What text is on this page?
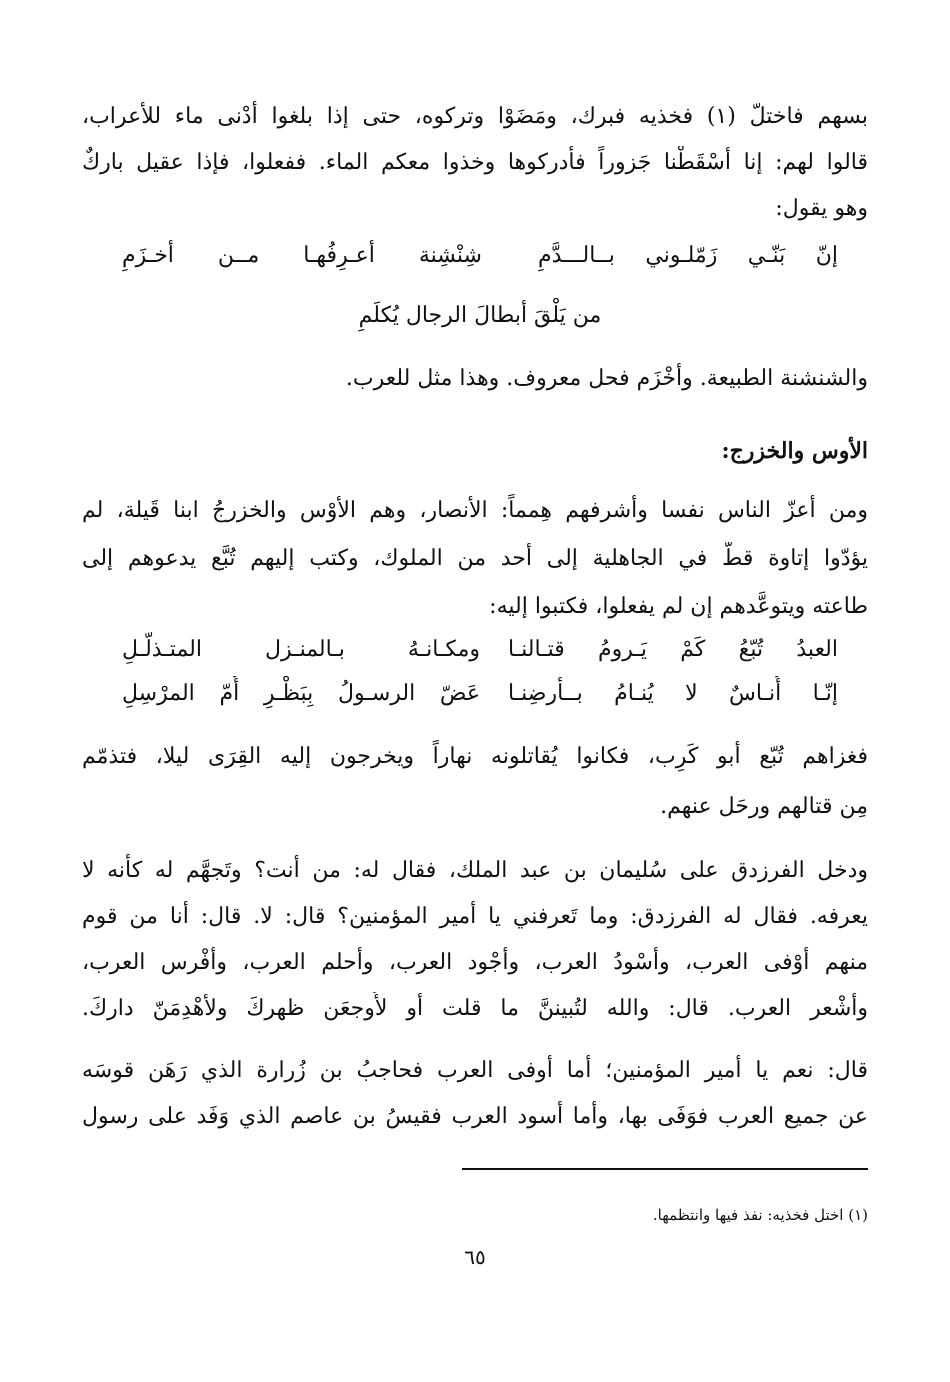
بسهم فاختلّ (١) فخذيه فبرك، ومَضَوْا وتركوه، حتى إذا بلغوا أدْنى ماء للأعراب،
قالوا لهم: إنا أسْقَطْنا جَزوراً فأدركوها وخذوا معكم الماء. ففعلوا، فإذا عقيل باركٌ
وهو يقول:
إنّ بَنّـي زَمّلـوني بــالـــدَّمِ
شِنْشِنة أعـرِفُهـا مــن أخـزَمِ
من يَلْقَ أبطالَ الرجال يُكلَمِ
والشنشنة الطبيعة. وأخْزَم فحل معروف. وهذا مثل للعرب.
الأوس والخزرج:
ومن أعزّ الناس نفسا وأشرفهم هِمماً: الأنصار، وهم الأوْس والخزرجُ ابنا قَيلة، لم
يؤدّوا إتاوة قطّ في الجاهلية إلى أحد من الملوك، وكتب إليهم تُبَّع يدعوهم إلى
طاعته ويتوعَّدهم إن لم يفعلوا، فكتبوا إليه:
العبدُ تُبّعُ كَمْ يَـرومُ قتـالنـا
ومكـانـهُ بـالمنـزل المتـذلّـلِ
إنّـا أُنـاسٌ لا يُنـامُ بــأرضِنـا
عَضّ الرسـولُ بِبَظْـرِ أُمّ المرْسِلِ
فغزاهم تُبّع أبو كَرِب، فكانوا يُقاتلونه نهاراً ويخرجون إليه القِرَى ليلا، فتذمّم
مِن قتالهم ورحَل عنهم.
ودخل الفرزدق على سُليمان بن عبد الملك، فقال له: من أنت؟ وتَجهَّم له كأنه لا
يعرفه. فقال له الفرزدق: وما تَعرفني يا أمير المؤمنين؟ قال: لا. قال: أنا من قوم
منهم أوْفى العرب، وأسْودُ العرب، وأجْود العرب، وأحلم العرب، وأفْرس العرب،
وأشْعر العرب. قال: والله لتُبيننَّ ما قلت أو لأُوجعَن ظهركَ ولأهْدِمَنّ داركَ.
قال: نعم يا أمير المؤمنين؛ أما أوفى العرب فحاجبُ بن زُرارة الذي رَهَن قوسَه
عن جميع العرب فوَفَى بها، وأما أسود العرب فقيسُ بن عاصم الذي وَفَد على رسول
(١) اختل فخذيه: نفذ فيها وانتظمها.
٦٥
